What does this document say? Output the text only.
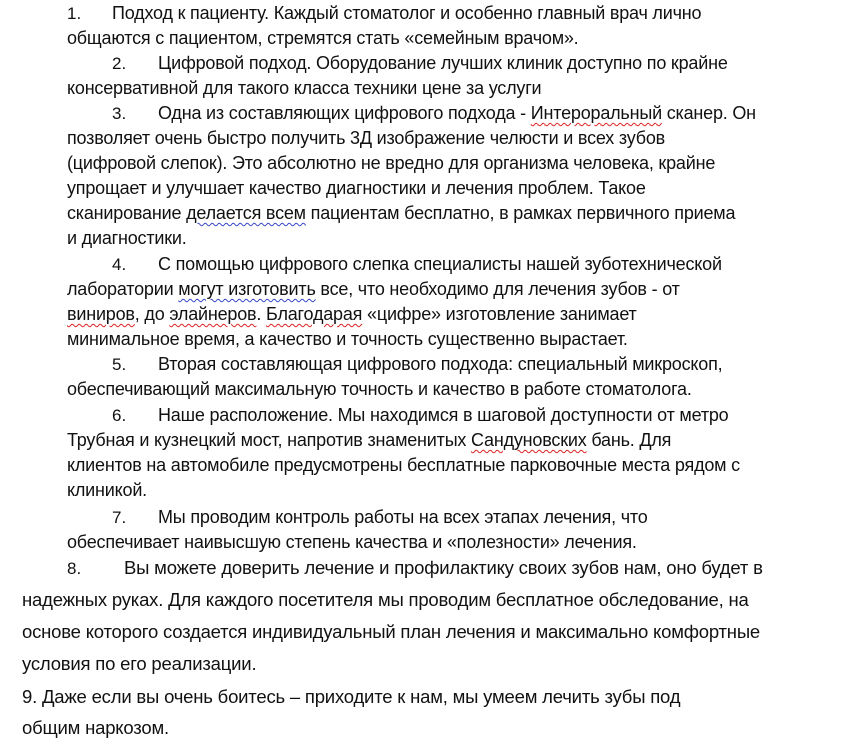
1. Подход к пациенту. Каждый стоматолог и особенно главный врач лично
общаются с пациентом, стремятся стать «семейным врачом».
2. Цифровой подход. Оборудование лучших клиник доступно по крайне
консервативной для такого класса техники цене за услуги
3. Одна из составляющих цифрового подхода - Интероральный сканер. Он
позволяет очень быстро получить 3Д изображение челюсти и всех зубов
(цифровой слепок). Это абсолютно не вредно для организма человека, крайне
упрощает и улучшает качество диагностики и лечения проблем. Такое
сканирование делается всем пациентам бесплатно, в рамках первичного приема
и диагностики.
4. С помощью цифрового слепка специалисты нашей зуботехнической
лаборатории могут изготовить все, что необходимо для лечения зубов - от
виниров, до элайнеров. Благодарая «цифре» изготовление занимает
минимальное время, а качество и точность существенно вырастает.
5. Вторая составляющая цифрового подхода: специальный микроскоп,
обеспечивающий максимальную точность и качество в работе стоматолога.
6. Наше расположение. Мы находимся в шаговой доступности от метро
Трубная и кузнецкий мост, напротив знаменитых Сандуновских бань. Для
клиентов на автомобиле предусмотрены бесплатные парковочные места рядом с
клиникой.
7. Мы проводим контроль работы на всех этапах лечения, что
обеспечивает наивысшую степень качества и «полезности» лечения.
8. Вы можете доверить лечение и профилактику своих зубов нам, оно будет в
надежных руках. Для каждого посетителя мы проводим бесплатное обследование, на
основе которого создается индивидуальный план лечения и максимально комфортные
условия по его реализации.
9. Даже если вы очень боитесь – приходите к нам, мы умеем лечить зубы под
общим наркозом.
